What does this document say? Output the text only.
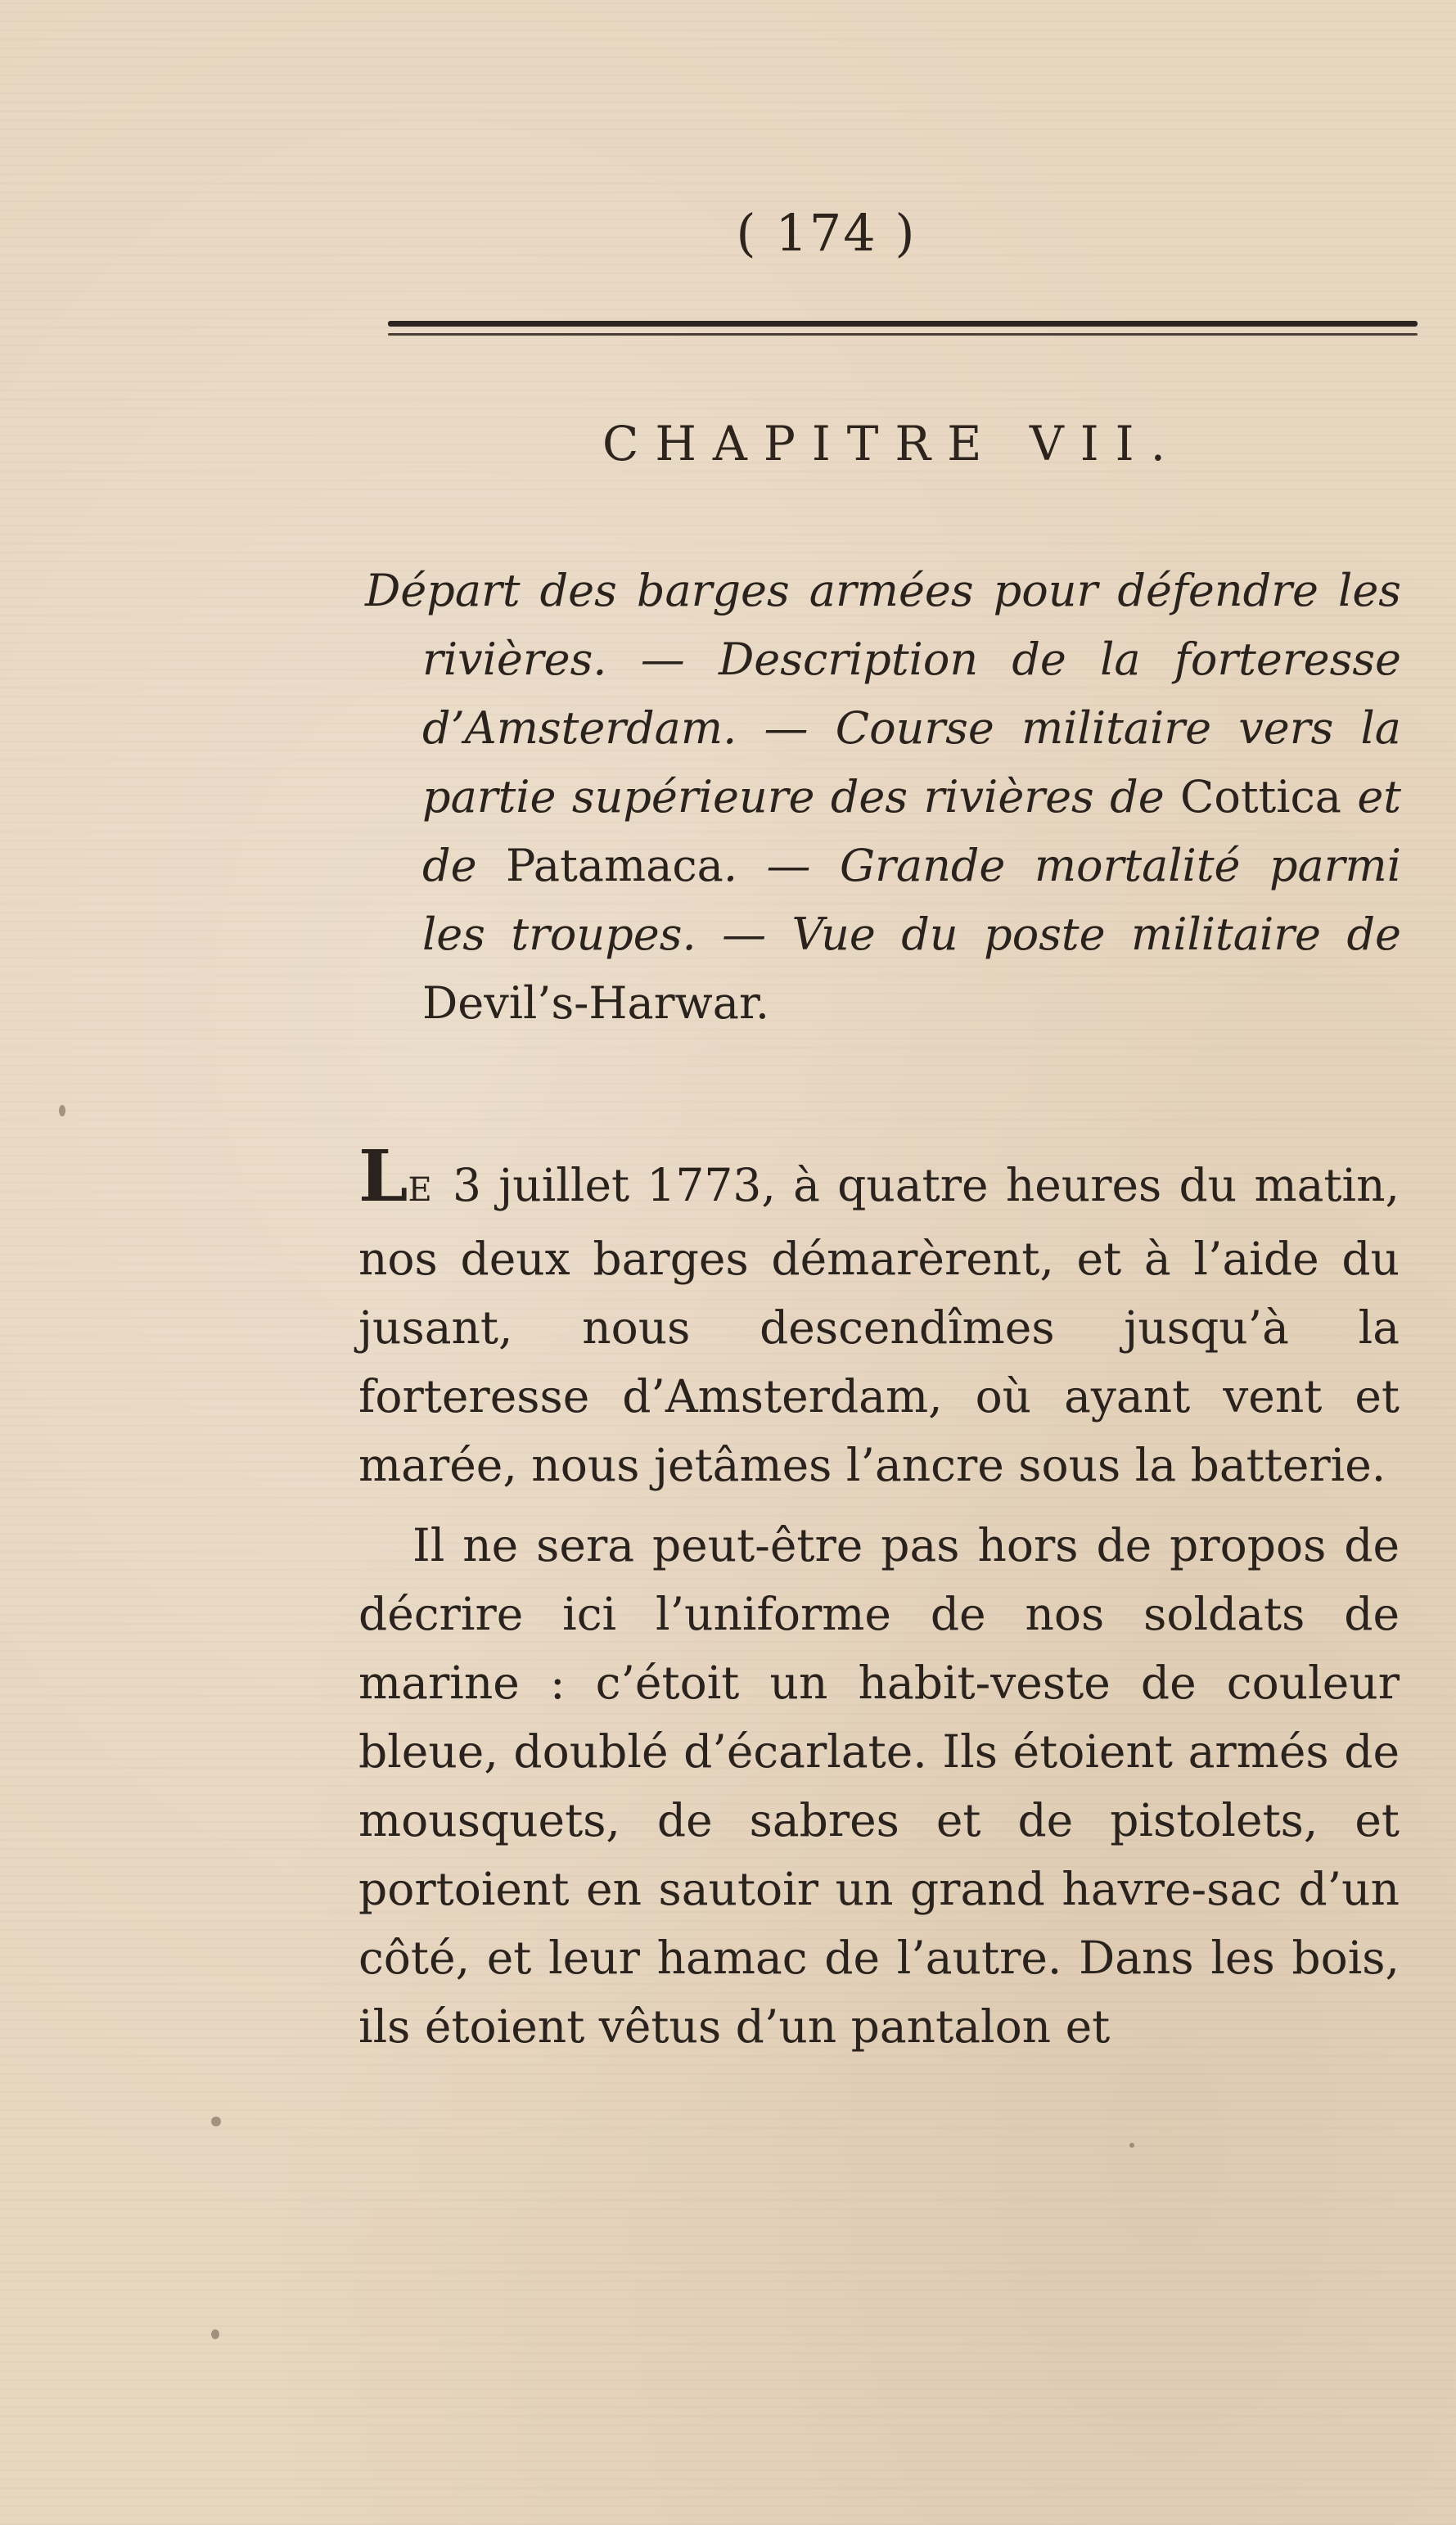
( 174 )
CHAPITRE VII.

Départ des barges armées pour défendre les rivières. — Description de la forteresse d’Amsterdam. — Course militaire vers la partie supérieure des rivières de Cottica et de Patamaca. — Grande mortalité parmi les troupes. — Vue du poste militaire de Devil’s-Harwar.

LE 3 juillet 1773, à quatre heures du matin, nos deux barges démarèrent, et à l’aide du jusant, nous descendîmes jusqu’à la forteresse d’Amsterdam, où ayant vent et marée, nous jetâmes l’ancre sous la batterie.

Il ne sera peut-être pas hors de propos de décrire ici l’uniforme de nos soldats de marine : c’étoit un habit-veste de couleur bleue, doublé d’écarlate. Ils étoient armés de mousquets, de sabres et de pistolets, et portoient en sautoir un grand havre-sac d’un côté, et leur hamac de l’autre. Dans les bois, ils étoient vêtus d’un pantalon et
